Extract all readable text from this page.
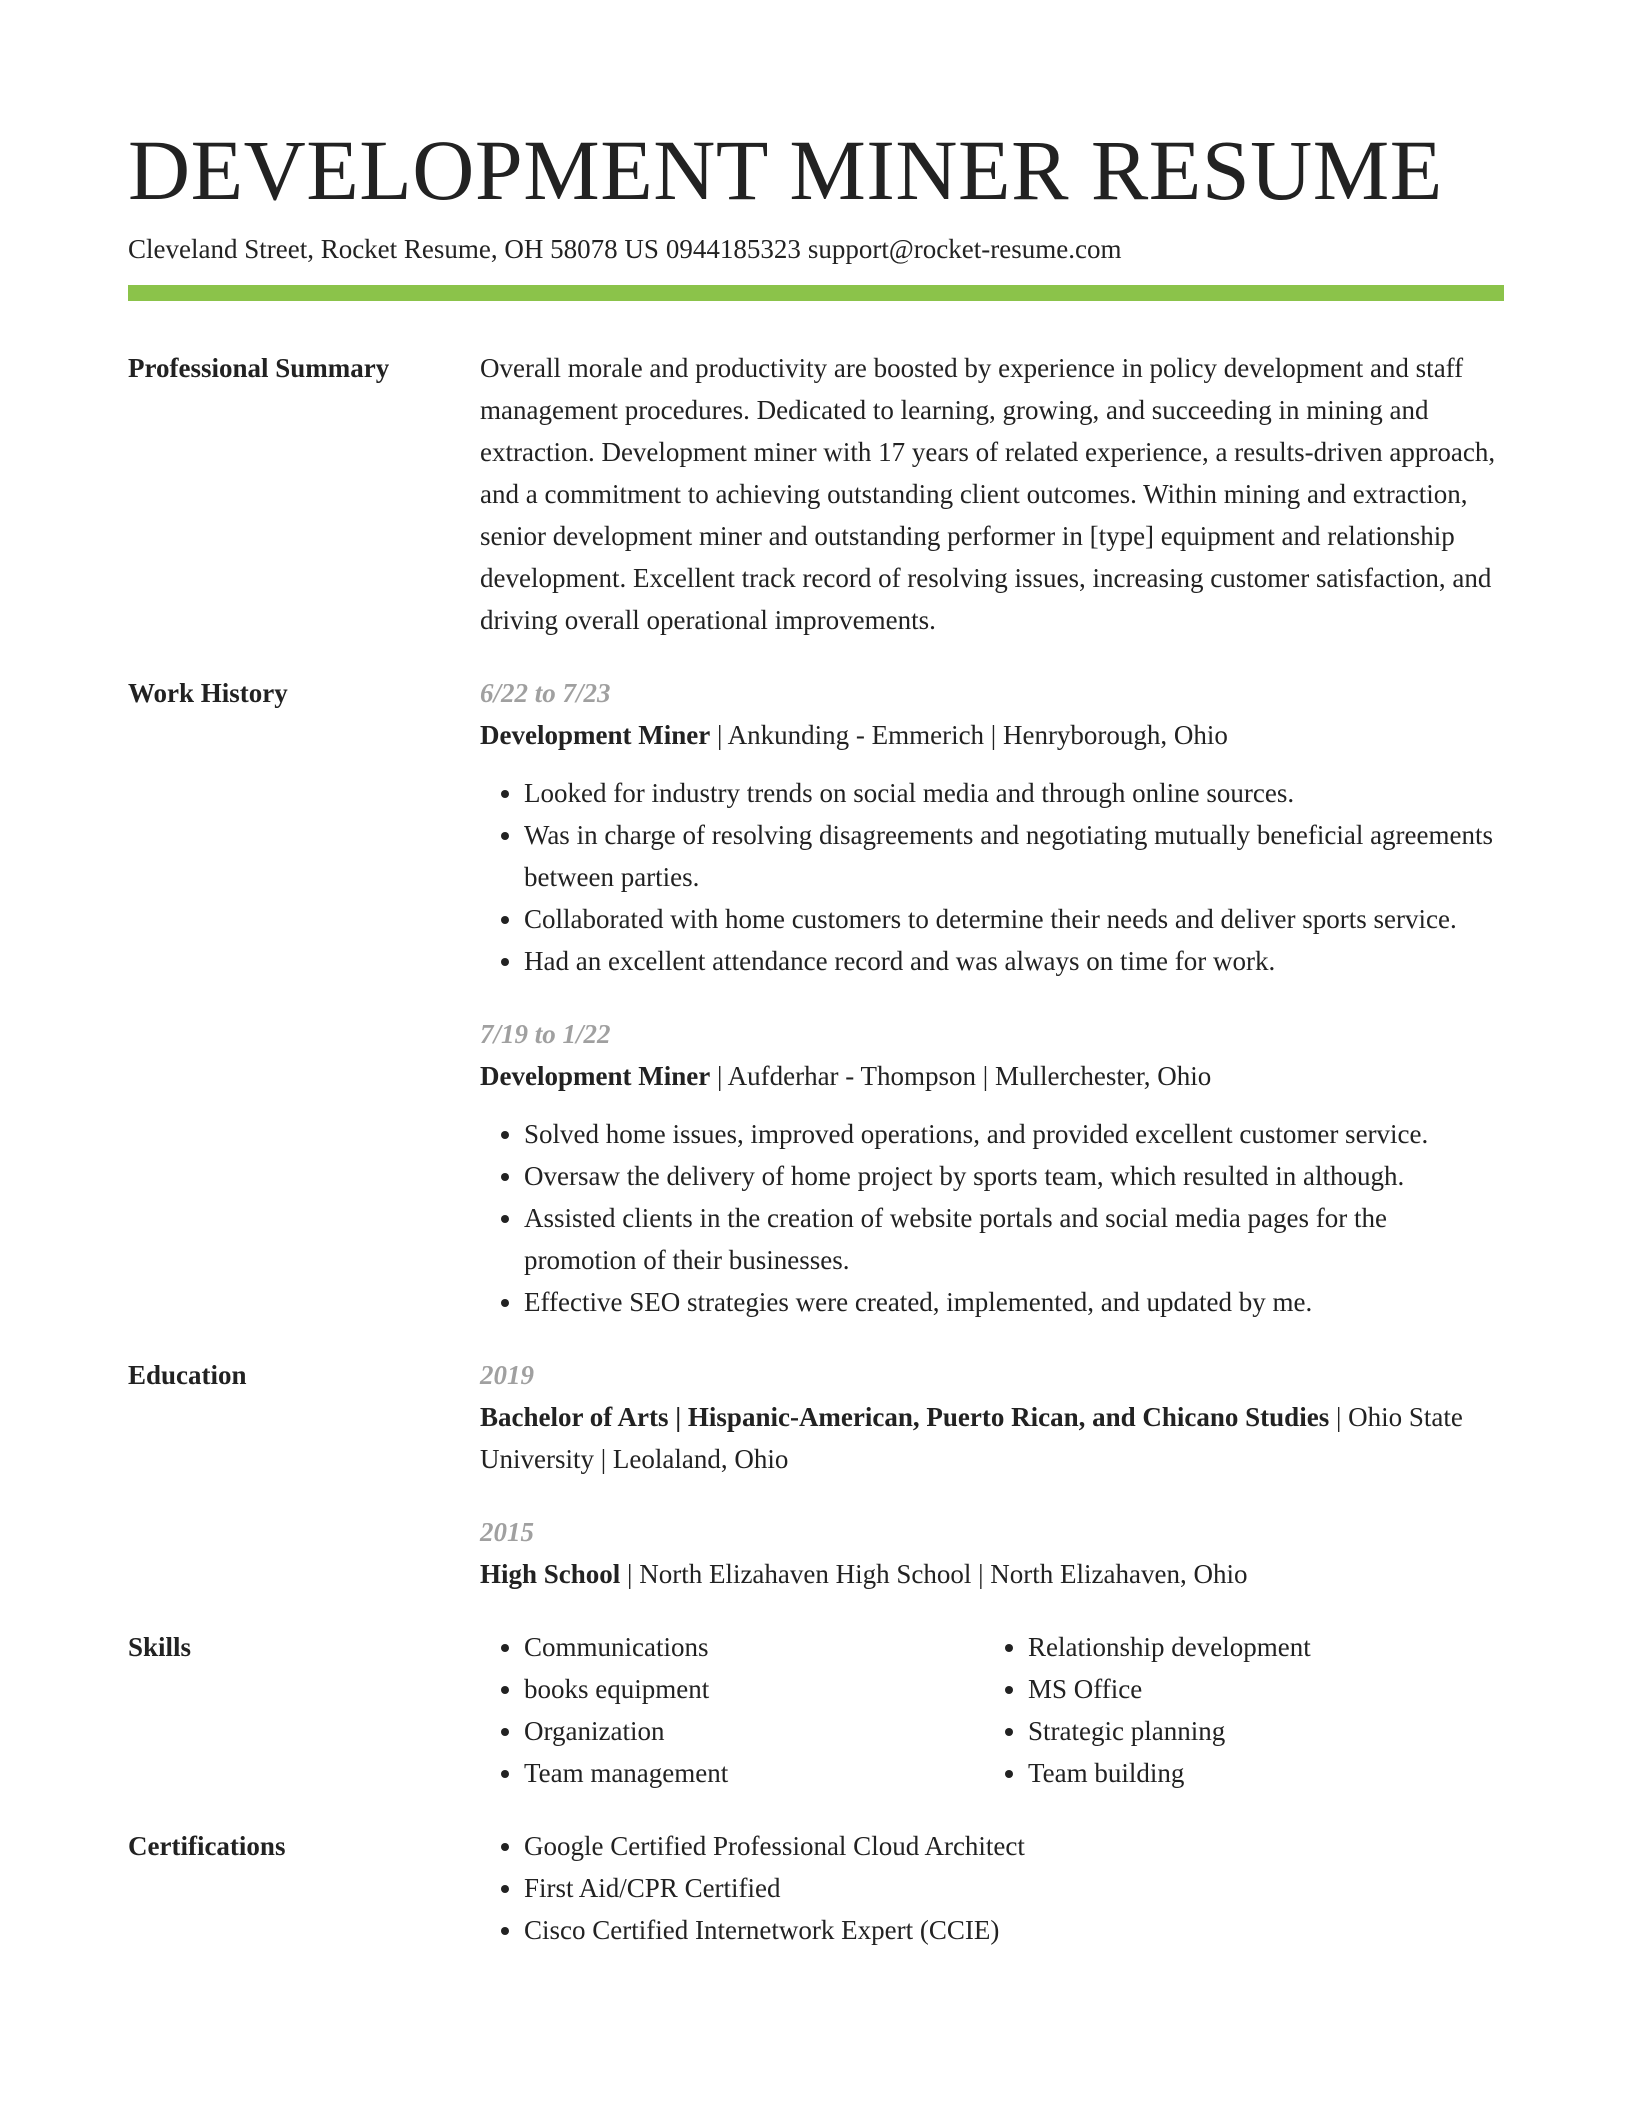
DEVELOPMENT MINER RESUME
Cleveland Street, Rocket Resume, OH 58078 US 0944185323 support@rocket-resume.com
Professional Summary	Overall morale and productivity are boosted by experience in policy development and staff management procedures. Dedicated to learning, growing, and succeeding in mining and extraction. Development miner with 17 years of related experience, a results-driven approach, and a commitment to achieving outstanding client outcomes. Within mining and extraction, senior development miner and outstanding performer in [type] equipment and relationship development. Excellent track record of resolving issues, increasing customer satisfaction, and driving overall operational improvements.

Work History	6/22 to 7/23
Development Miner | Ankunding - Emmerich | Henryborough, Ohio
• Looked for industry trends on social media and through online sources.
• Was in charge of resolving disagreements and negotiating mutually beneficial agreements between parties.
• Collaborated with home customers to determine their needs and deliver sports service.
• Had an excellent attendance record and was always on time for work.
7/19 to 1/22
Development Miner | Aufderhar - Thompson | Mullerchester, Ohio
• Solved home issues, improved operations, and provided excellent customer service.
• Oversaw the delivery of home project by sports team, which resulted in although.
• Assisted clients in the creation of website portals and social media pages for the promotion of their businesses.
• Effective SEO strategies were created, implemented, and updated by me.
Education	2019
Bachelor of Arts | Hispanic-American, Puerto Rican, and Chicano Studies | Ohio State University | Leolaland, Ohio
2015
High School | North Elizahaven High School | North Elizahaven, Ohio
Skills	• Communications
• books equipment
• Organization
• Team management
• Relationship development
• MS Office
• Strategic planning
• Team building
Certifications	• Google Certified Professional Cloud Architect
• First Aid/CPR Certified
• Cisco Certified Internetwork Expert (CCIE)
